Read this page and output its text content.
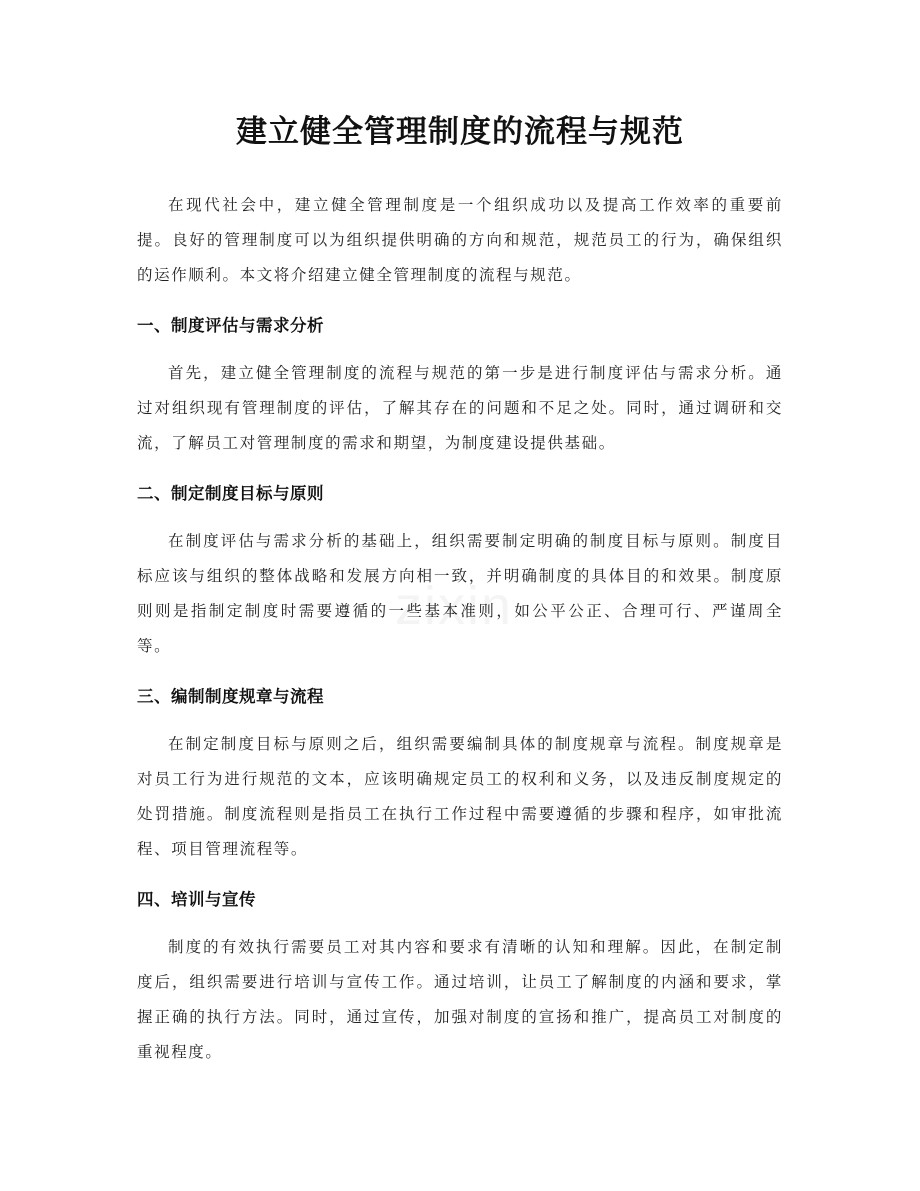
建立健全管理制度的流程与规范

在现代社会中，建立健全管理制度是一个组织成功以及提高工作效率的重要前提。良好的管理制度可以为组织提供明确的方向和规范，规范员工的行为，确保组织的运作顺利。本文将介绍建立健全管理制度的流程与规范。

一、制度评估与需求分析

首先，建立健全管理制度的流程与规范的第一步是进行制度评估与需求分析。通过对组织现有管理制度的评估，了解其存在的问题和不足之处。同时，通过调研和交流，了解员工对管理制度的需求和期望，为制度建设提供基础。

二、制定制度目标与原则

在制度评估与需求分析的基础上，组织需要制定明确的制度目标与原则。制度目标应该与组织的整体战略和发展方向相一致，并明确制度的具体目的和效果。制度原则则是指制定制度时需要遵循的一些基本准则，如公平公正、合理可行、严谨周全等。

三、编制制度规章与流程

在制定制度目标与原则之后，组织需要编制具体的制度规章与流程。制度规章是对员工行为进行规范的文本，应该明确规定员工的权利和义务，以及违反制度规定的处罚措施。制度流程则是指员工在执行工作过程中需要遵循的步骤和程序，如审批流程、项目管理流程等。

四、培训与宣传

制度的有效执行需要员工对其内容和要求有清晰的认知和理解。因此，在制定制度后，组织需要进行培训与宣传工作。通过培训，让员工了解制度的内涵和要求，掌握正确的执行方法。同时，通过宣传，加强对制度的宣扬和推广，提高员工对制度的重视程度。
